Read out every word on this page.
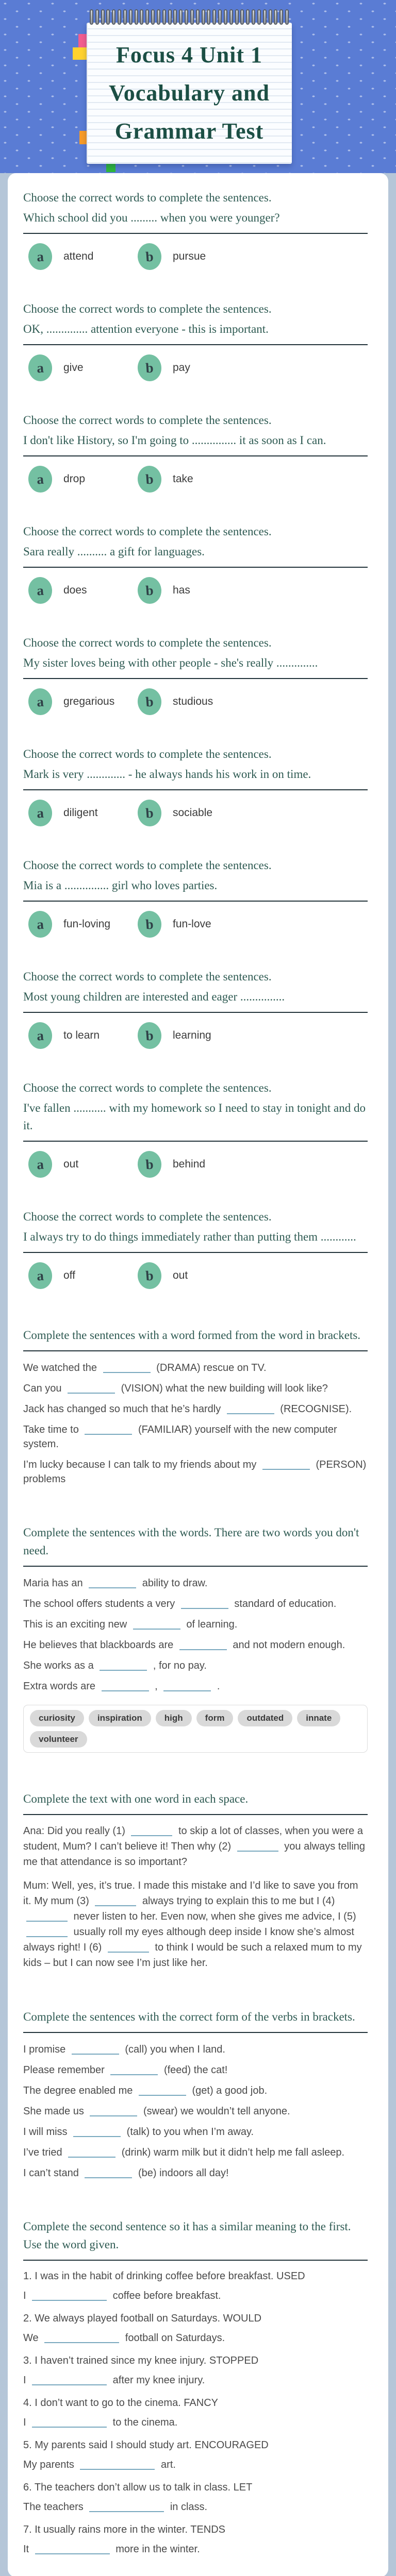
Focus 4 Unit 1
Vocabulary and
Grammar Test
Choose the correct words to complete the sentences.
Which school did you ......... when you were younger?
a	attend	b	pursue
Choose the correct words to complete the sentences.
OK, .............. attention everyone - this is important.
a	give	b	pay
Choose the correct words to complete the sentences.
I don't like History, so I'm going to ............... it as soon as I can.
a	drop	b	take
Choose the correct words to complete the sentences.
Sara really .......... a gift for languages.
a	does	b	has
Choose the correct words to complete the sentences.
My sister loves being with other people - she's really ..............
a	gregarious	b	studious
Choose the correct words to complete the sentences.
Mark is very ............. - he always hands his work in on time.
a	diligent	b	sociable
Choose the correct words to complete the sentences.
Mia is a ............... girl who loves parties.
a	fun-loving	b	fun-love
Choose the correct words to complete the sentences.
Most young children are interested and eager ...............
a	to learn	b	learning
Choose the correct words to complete the sentences.
I've fallen ........... with my homework so I need to stay in tonight and do it.
a	out	b	behind
Choose the correct words to complete the sentences.
I always try to do things immediately rather than putting them ............
a	off	b	out
Complete the sentences with a word formed from the word in brackets.
We watched the	(DRAMA) rescue on TV.
Can you	(VISION) what the new building will look like?
Jack has changed so much that he’s hardly	(RECOGNISE).
Take time to	(FAMILIAR) yourself with the new computer system.
I’m lucky because I can talk to my friends about my	(PERSON) problems
Complete the sentences with the words. There are two words you don't need.
Maria has an	ability to draw.
The school offers students a very	standard of education.
This is an exciting new	of learning.
He believes that blackboards are	and not modern enough.
She works as a	, for no pay.
Extra words are	,	.
curiosity	inspiration	high	form	outdated	innate
volunteer
Complete the text with one word in each space.
Ana: Did you really (1)	to skip a lot of classes, when you were a student, Mum? I can’t believe it! Then why (2)	you always telling me that attendance is so important?
Mum: Well, yes, it’s true. I made this mistake and I’d like to save you from it. My mum (3)	always trying to explain this to me but I (4)  never listen to her. Even now, when she gives me advice, I (5)  usually roll my eyes although deep inside I know she’s almost always right! I (6)	to think I would be such a relaxed mum to my kids – but I can now see I’m just like her.
Complete the sentences with the correct form of the verbs in brackets.
I promise	(call) you when I land.
Please remember	(feed) the cat!
The degree enabled me	(get) a good job.
She made us	(swear) we wouldn’t tell anyone.
I will miss	(talk) to you when I’m away.
I’ve tried	(drink) warm milk but it didn’t help me fall asleep.
I can’t stand	(be) indoors all day!
Complete the second sentence so it has a similar meaning to the first. Use the word given.
1. I was in the habit of drinking coffee before breakfast. USED
I	coffee before breakfast.
2. We always played football on Saturdays. WOULD
We	football on Saturdays.
3. I haven’t trained since my knee injury. STOPPED
I	after my knee injury.
4. I don’t want to go to the cinema. FANCY
I	to the cinema.
5. My parents said I should study art. ENCOURAGED
My parents	art.
6. The teachers don’t allow us to talk in class. LET
The teachers	in class.
7. It usually rains more in the winter. TENDS
It	more in the winter.
